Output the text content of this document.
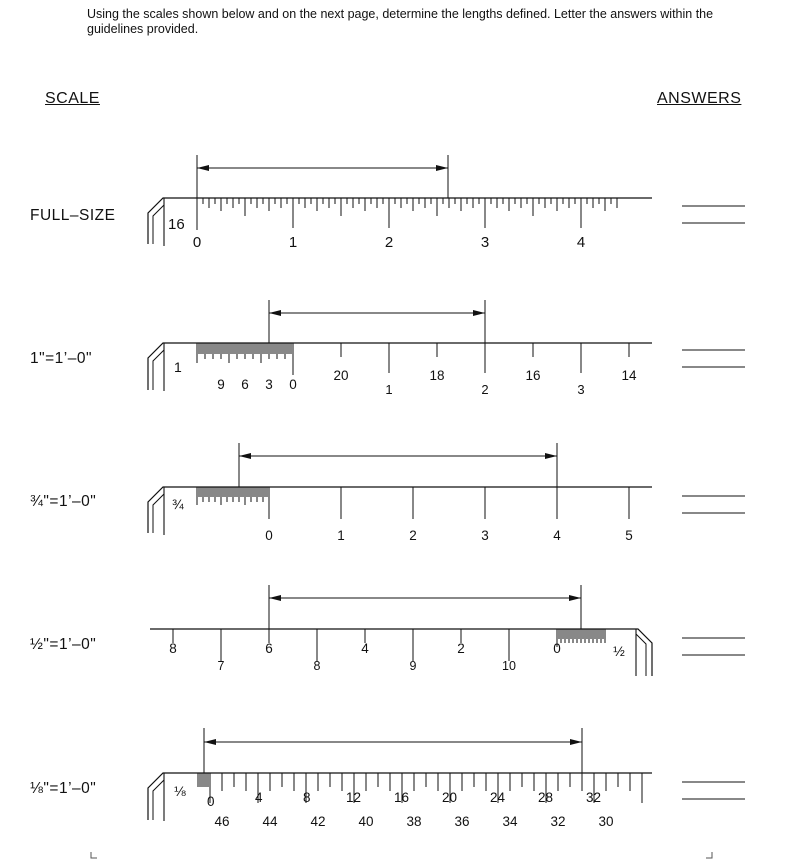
Using the scales shown below and on the next page, determine the lengths defined. Letter the answers within the guidelines provided.
SCALE	ANSWERS
FULL–SIZE
1"=1’–0"
¾"=1’–0"
½"=1’–0"
⅛"=1’–0"
16
0	1	2	3	4
1
9 6 3 0
20	18	16	14
1	2	3
¾
0	1	2	3	4	5
½
8	6	4	2	0
7	8	9	10
⅛
0	4	8	12 16 20 24 28 32
46 44 42 40 38 36 34 32 30
